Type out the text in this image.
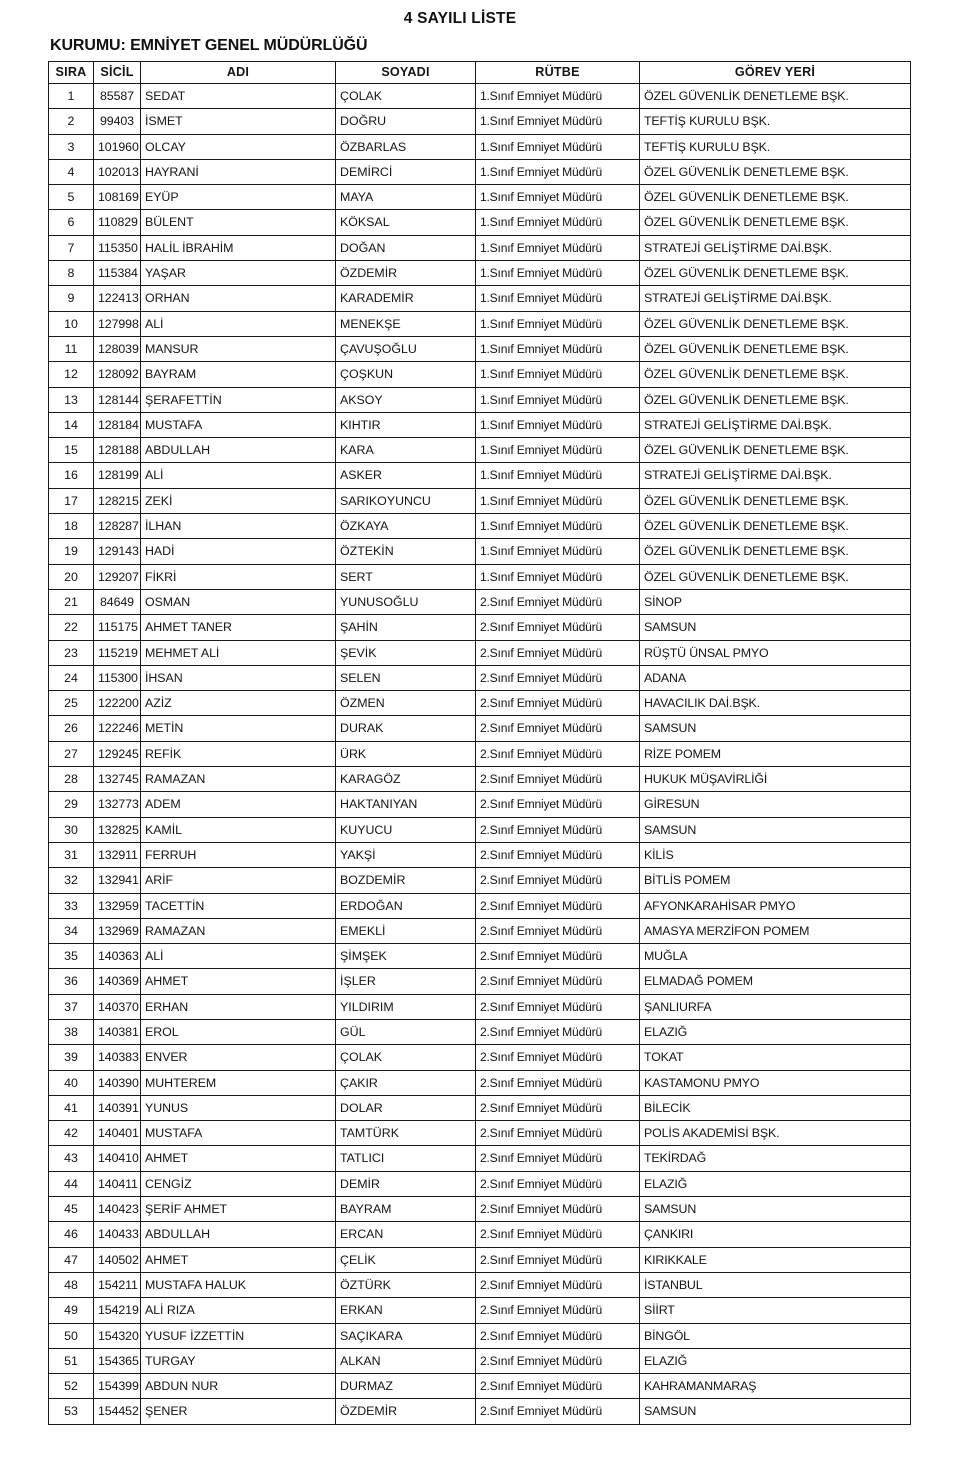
4 SAYILI LİSTE
KURUMU: EMNİYET GENEL MÜDÜRLÜĞÜ
SIRA	SİCİL	ADI	SOYADI	RÜTBE	GÖREV YERİ
1	85587	SEDAT	ÇOLAK	1.Sınıf Emniyet Müdürü	ÖZEL GÜVENLİK DENETLEME BŞK.
2	99403	İSMET	DOĞRU	1.Sınıf Emniyet Müdürü	TEFTİŞ KURULU BŞK.
3	101960	OLCAY	ÖZBARLAS	1.Sınıf Emniyet Müdürü	TEFTİŞ KURULU BŞK.
4	102013	HAYRANİ	DEMİRCİ	1.Sınıf Emniyet Müdürü	ÖZEL GÜVENLİK DENETLEME BŞK.
5	108169	EYÜP	MAYA	1.Sınıf Emniyet Müdürü	ÖZEL GÜVENLİK DENETLEME BŞK.
6	110829	BÜLENT	KÖKSAL	1.Sınıf Emniyet Müdürü	ÖZEL GÜVENLİK DENETLEME BŞK.
7	115350	HALİL İBRAHİM	DOĞAN	1.Sınıf Emniyet Müdürü	STRATEJİ GELİŞTİRME DAİ.BŞK.
8	115384	YAŞAR	ÖZDEMİR	1.Sınıf Emniyet Müdürü	ÖZEL GÜVENLİK DENETLEME BŞK.
9	122413	ORHAN	KARADEMİR	1.Sınıf Emniyet Müdürü	STRATEJİ GELİŞTİRME DAİ.BŞK.
10	127998	ALİ	MENEKŞE	1.Sınıf Emniyet Müdürü	ÖZEL GÜVENLİK DENETLEME BŞK.
11	128039	MANSUR	ÇAVUŞOĞLU	1.Sınıf Emniyet Müdürü	ÖZEL GÜVENLİK DENETLEME BŞK.
12	128092	BAYRAM	ÇOŞKUN	1.Sınıf Emniyet Müdürü	ÖZEL GÜVENLİK DENETLEME BŞK.
13	128144	ŞERAFETTİN	AKSOY	1.Sınıf Emniyet Müdürü	ÖZEL GÜVENLİK DENETLEME BŞK.
14	128184	MUSTAFA	KIHTIR	1.Sınıf Emniyet Müdürü	STRATEJİ GELİŞTİRME DAİ.BŞK.
15	128188	ABDULLAH	KARA	1.Sınıf Emniyet Müdürü	ÖZEL GÜVENLİK DENETLEME BŞK.
16	128199	ALİ	ASKER	1.Sınıf Emniyet Müdürü	STRATEJİ GELİŞTİRME DAİ.BŞK.
17	128215	ZEKİ	SARIKOYUNCU	1.Sınıf Emniyet Müdürü	ÖZEL GÜVENLİK DENETLEME BŞK.
18	128287	İLHAN	ÖZKAYA	1.Sınıf Emniyet Müdürü	ÖZEL GÜVENLİK DENETLEME BŞK.
19	129143	HADİ	ÖZTEKİN	1.Sınıf Emniyet Müdürü	ÖZEL GÜVENLİK DENETLEME BŞK.
20	129207	FİKRİ	SERT	1.Sınıf Emniyet Müdürü	ÖZEL GÜVENLİK DENETLEME BŞK.
21	84649	OSMAN	YUNUSOĞLU	2.Sınıf Emniyet Müdürü	SİNOP
22	115175	AHMET TANER	ŞAHİN	2.Sınıf Emniyet Müdürü	SAMSUN
23	115219	MEHMET ALİ	ŞEVİK	2.Sınıf Emniyet Müdürü	RÜŞTÜ ÜNSAL PMYO
24	115300	İHSAN	SELEN	2.Sınıf Emniyet Müdürü	ADANA
25	122200	AZİZ	ÖZMEN	2.Sınıf Emniyet Müdürü	HAVACILIK DAİ.BŞK.
26	122246	METİN	DURAK	2.Sınıf Emniyet Müdürü	SAMSUN
27	129245	REFİK	ÜRK	2.Sınıf Emniyet Müdürü	RİZE POMEM
28	132745	RAMAZAN	KARAGÖZ	2.Sınıf Emniyet Müdürü	HUKUK MÜŞAVİRLİĞİ
29	132773	ADEM	HAKTANIYAN	2.Sınıf Emniyet Müdürü	GİRESUN
30	132825	KAMİL	KUYUCU	2.Sınıf Emniyet Müdürü	SAMSUN
31	132911	FERRUH	YAKŞİ	2.Sınıf Emniyet Müdürü	KİLİS
32	132941	ARİF	BOZDEMİR	2.Sınıf Emniyet Müdürü	BİTLİS POMEM
33	132959	TACETTİN	ERDOĞAN	2.Sınıf Emniyet Müdürü	AFYONKARAHİSAR PMYO
34	132969	RAMAZAN	EMEKLİ	2.Sınıf Emniyet Müdürü	AMASYA MERZİFON POMEM
35	140363	ALİ	ŞİMŞEK	2.Sınıf Emniyet Müdürü	MUĞLA
36	140369	AHMET	İŞLER	2.Sınıf Emniyet Müdürü	ELMADAĞ POMEM
37	140370	ERHAN	YILDIRIM	2.Sınıf Emniyet Müdürü	ŞANLIURFA
38	140381	EROL	GÜL	2.Sınıf Emniyet Müdürü	ELAZIĞ
39	140383	ENVER	ÇOLAK	2.Sınıf Emniyet Müdürü	TOKAT
40	140390	MUHTEREM	ÇAKIR	2.Sınıf Emniyet Müdürü	KASTAMONU PMYO
41	140391	YUNUS	DOLAR	2.Sınıf Emniyet Müdürü	BİLECİK
42	140401	MUSTAFA	TAMTÜRK	2.Sınıf Emniyet Müdürü	POLİS AKADEMİSİ BŞK.
43	140410	AHMET	TATLICI	2.Sınıf Emniyet Müdürü	TEKİRDAĞ
44	140411	CENGİZ	DEMİR	2.Sınıf Emniyet Müdürü	ELAZIĞ
45	140423	ŞERİF AHMET	BAYRAM	2.Sınıf Emniyet Müdürü	SAMSUN
46	140433	ABDULLAH	ERCAN	2.Sınıf Emniyet Müdürü	ÇANKIRI
47	140502	AHMET	ÇELİK	2.Sınıf Emniyet Müdürü	KIRIKKALE
48	154211	MUSTAFA HALUK	ÖZTÜRK	2.Sınıf Emniyet Müdürü	İSTANBUL
49	154219	ALİ RIZA	ERKAN	2.Sınıf Emniyet Müdürü	SİİRT
50	154320	YUSUF İZZETTİN	SAÇIKARA	2.Sınıf Emniyet Müdürü	BİNGÖL
51	154365	TURGAY	ALKAN	2.Sınıf Emniyet Müdürü	ELAZIĞ
52	154399	ABDUN NUR	DURMAZ	2.Sınıf Emniyet Müdürü	KAHRAMANMARAŞ
53	154452	ŞENER	ÖZDEMİR	2.Sınıf Emniyet Müdürü	SAMSUN
